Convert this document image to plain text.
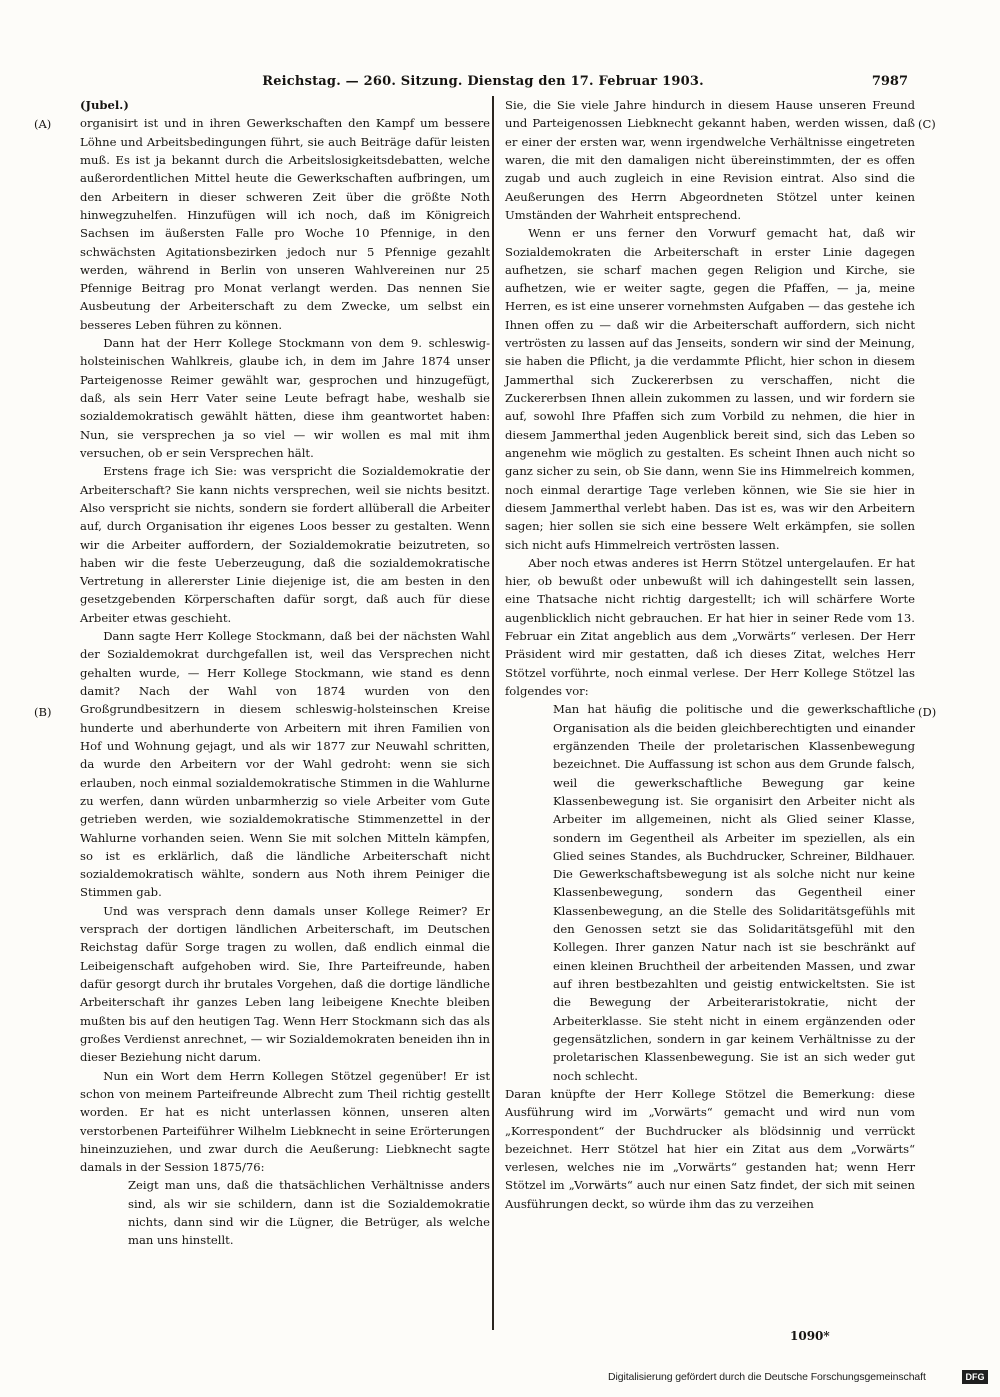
Reichstag. — 260. Sitzung. Dienstag den 17. Februar 1903.	7987
(A)
(B)
(C)
(D)

(Jubel.)

organisirt ist und in ihren Gewerkschaften den Kampf um bessere Löhne und Arbeitsbedingungen führt, sie auch Beiträge dafür leisten muß. Es ist ja bekannt durch die Arbeitslosigkeitsdebatten, welche außerordentlichen Mittel heute die Gewerkschaften aufbringen, um den Arbeitern in dieser schweren Zeit über die größte Noth hinwegzuhelfen. Hinzufügen will ich noch, daß im Königreich Sachsen im äußersten Falle pro Woche 10 Pfennige, in den schwächsten Agitationsbezirken jedoch nur 5 Pfennige gezahlt werden, während in Berlin von unseren Wahlvereinen nur 25 Pfennige Beitrag pro Monat verlangt werden. Das nennen Sie Ausbeutung der Arbeiterschaft zu dem Zwecke, um selbst ein besseres Leben führen zu können.

Dann hat der Herr Kollege Stockmann von dem 9. schleswig-holsteinischen Wahlkreis, glaube ich, in dem im Jahre 1874 unser Parteigenosse Reimer gewählt war, gesprochen und hinzugefügt, daß, als sein Herr Vater seine Leute befragt habe, weshalb sie sozialdemokratisch gewählt hätten, diese ihm geantwortet haben: Nun, sie versprechen ja so viel — wir wollen es mal mit ihm versuchen, ob er sein Versprechen hält.

Erstens frage ich Sie: was verspricht die Sozialdemokratie der Arbeiterschaft? Sie kann nichts versprechen, weil sie nichts besitzt. Also verspricht sie nichts, sondern sie fordert allüberall die Arbeiter auf, durch Organisation ihr eigenes Loos besser zu gestalten. Wenn wir die Arbeiter auffordern, der Sozialdemokratie beizutreten, so haben wir die feste Ueberzeugung, daß die sozialdemokratische Vertretung in allererster Linie diejenige ist, die am besten in den gesetzgebenden Körperschaften dafür sorgt, daß auch für diese Arbeiter etwas geschieht.

Dann sagte Herr Kollege Stockmann, daß bei der nächsten Wahl der Sozialdemokrat durchgefallen ist, weil das Versprechen nicht gehalten wurde, — Herr Kollege Stockmann, wie stand es denn damit? Nach der Wahl von 1874 wurden von den Großgrundbesitzern in diesem schleswig-holsteinschen Kreise hunderte und aberhunderte von Arbeitern mit ihren Familien von Hof und Wohnung gejagt, und als wir 1877 zur Neuwahl schritten, da wurde den Arbeitern vor der Wahl gedroht: wenn sie sich erlauben, noch einmal sozialdemokratische Stimmen in die Wahlurne zu werfen, dann würden unbarmherzig so viele Arbeiter vom Gute getrieben werden, wie sozialdemokratische Stimmenzettel in der Wahlurne vorhanden seien. Wenn Sie mit solchen Mitteln kämpfen, so ist es erklärlich, daß die ländliche Arbeiterschaft nicht sozialdemokratisch wählte, sondern aus Noth ihrem Peiniger die Stimmen gab.

Und was versprach denn damals unser Kollege Reimer? Er versprach der dortigen ländlichen Arbeiterschaft, im Deutschen Reichstag dafür Sorge tragen zu wollen, daß endlich einmal die Leibeigenschaft aufgehoben wird. Sie, Ihre Parteifreunde, haben dafür gesorgt durch ihr brutales Vorgehen, daß die dortige ländliche Arbeiterschaft ihr ganzes Leben lang leibeigene Knechte bleiben mußten bis auf den heutigen Tag. Wenn Herr Stockmann sich das als großes Verdienst anrechnet, — wir Sozialdemokraten beneiden ihn in dieser Beziehung nicht darum.

Nun ein Wort dem Herrn Kollegen Stötzel gegenüber! Er ist schon von meinem Parteifreunde Albrecht zum Theil richtig gestellt worden. Er hat es nicht unterlassen können, unseren alten verstorbenen Parteiführer Wilhelm Liebknecht in seine Erörterungen hineinzuziehen, und zwar durch die Aeußerung: Liebknecht sagte damals in der Session 1875/76:

Zeigt man uns, daß die thatsächlichen Verhältnisse anders sind, als wir sie schildern, dann ist die Sozialdemokratie nichts, dann sind wir die Lügner, die Betrüger, als welche man uns hinstellt.

Sie, die Sie viele Jahre hindurch in diesem Hause unseren Freund und Parteigenossen Liebknecht gekannt haben, werden wissen, daß er einer der ersten war, wenn irgendwelche Verhältnisse eingetreten waren, die mit den damaligen nicht übereinstimmten, der es offen zugab und auch zugleich in eine Revision eintrat. Also sind die Aeußerungen des Herrn Abgeordneten Stötzel unter keinen Umständen der Wahrheit entsprechend.

Wenn er uns ferner den Vorwurf gemacht hat, daß wir Sozialdemokraten die Arbeiterschaft in erster Linie dagegen aufhetzen, sie scharf machen gegen Religion und Kirche, sie aufhetzen, wie er weiter sagte, gegen die Pfaffen, — ja, meine Herren, es ist eine unserer vornehmsten Aufgaben — das gestehe ich Ihnen offen zu — daß wir die Arbeiterschaft auffordern, sich nicht vertrösten zu lassen auf das Jenseits, sondern wir sind der Meinung, sie haben die Pflicht, ja die verdammte Pflicht, hier schon in diesem Jammerthal sich Zuckererbsen zu verschaffen, nicht die Zuckererbsen Ihnen allein zukommen zu lassen, und wir fordern sie auf, sowohl Ihre Pfaffen sich zum Vorbild zu nehmen, die hier in diesem Jammerthal jeden Augenblick bereit sind, sich das Leben so angenehm wie möglich zu gestalten. Es scheint Ihnen auch nicht so ganz sicher zu sein, ob Sie dann, wenn Sie ins Himmelreich kommen, noch einmal derartige Tage verleben können, wie Sie sie hier in diesem Jammerthal verlebt haben. Das ist es, was wir den Arbeitern sagen; hier sollen sie sich eine bessere Welt erkämpfen, sie sollen sich nicht aufs Himmelreich vertrösten lassen.

Aber noch etwas anderes ist Herrn Stötzel untergelaufen. Er hat hier, ob bewußt oder unbewußt will ich dahingestellt sein lassen, eine Thatsache nicht richtig dargestellt; ich will schärfere Worte augenblicklich nicht gebrauchen. Er hat hier in seiner Rede vom 13. Februar ein Zitat angeblich aus dem „Vorwärts“ verlesen. Der Herr Präsident wird mir gestatten, daß ich dieses Zitat, welches Herr Stötzel vorführte, noch einmal verlese. Der Herr Kollege Stötzel las folgendes vor:

Man hat häufig die politische und die gewerkschaftliche Organisation als die beiden gleichberechtigten und einander ergänzenden Theile der proletarischen Klassenbewegung bezeichnet. Die Auffassung ist schon aus dem Grunde falsch, weil die gewerkschaftliche Bewegung gar keine Klassenbewegung ist. Sie organisirt den Arbeiter nicht als Arbeiter im allgemeinen, nicht als Glied seiner Klasse, sondern im Gegentheil als Arbeiter im speziellen, als ein Glied seines Standes, als Buchdrucker, Schreiner, Bildhauer. Die Gewerkschaftsbewegung ist als solche nicht nur keine Klassenbewegung, sondern das Gegentheil einer Klassenbewegung, an die Stelle des Solidaritätsgefühls mit den Genossen setzt sie das Solidaritätsgefühl mit den Kollegen. Ihrer ganzen Natur nach ist sie beschränkt auf einen kleinen Bruchtheil der arbeitenden Massen, und zwar auf ihren bestbezahlten und geistig entwickeltsten. Sie ist die Bewegung der Arbeiteraristokratie, nicht der Arbeiterklasse. Sie steht nicht in einem ergänzenden oder gegensätzlichen, sondern in gar keinem Verhältnisse zu der proletarischen Klassenbewegung. Sie ist an sich weder gut noch schlecht.

Daran knüpfte der Herr Kollege Stötzel die Bemerkung: diese Ausführung wird im „Vorwärts“ gemacht und wird nun vom „Korrespondent“ der Buchdrucker als blödsinnig und verrückt bezeichnet. Herr Stötzel hat hier ein Zitat aus dem „Vorwärts“ verlesen, welches nie im „Vorwärts“ gestanden hat; wenn Herr Stötzel im „Vorwärts“ auch nur einen Satz findet, der sich mit seinen Ausführungen deckt, so würde ihm das zu verzeihen

1090*
Digitalisierung gefördert durch die Deutsche Forschungsgemeinschaft	DFG
